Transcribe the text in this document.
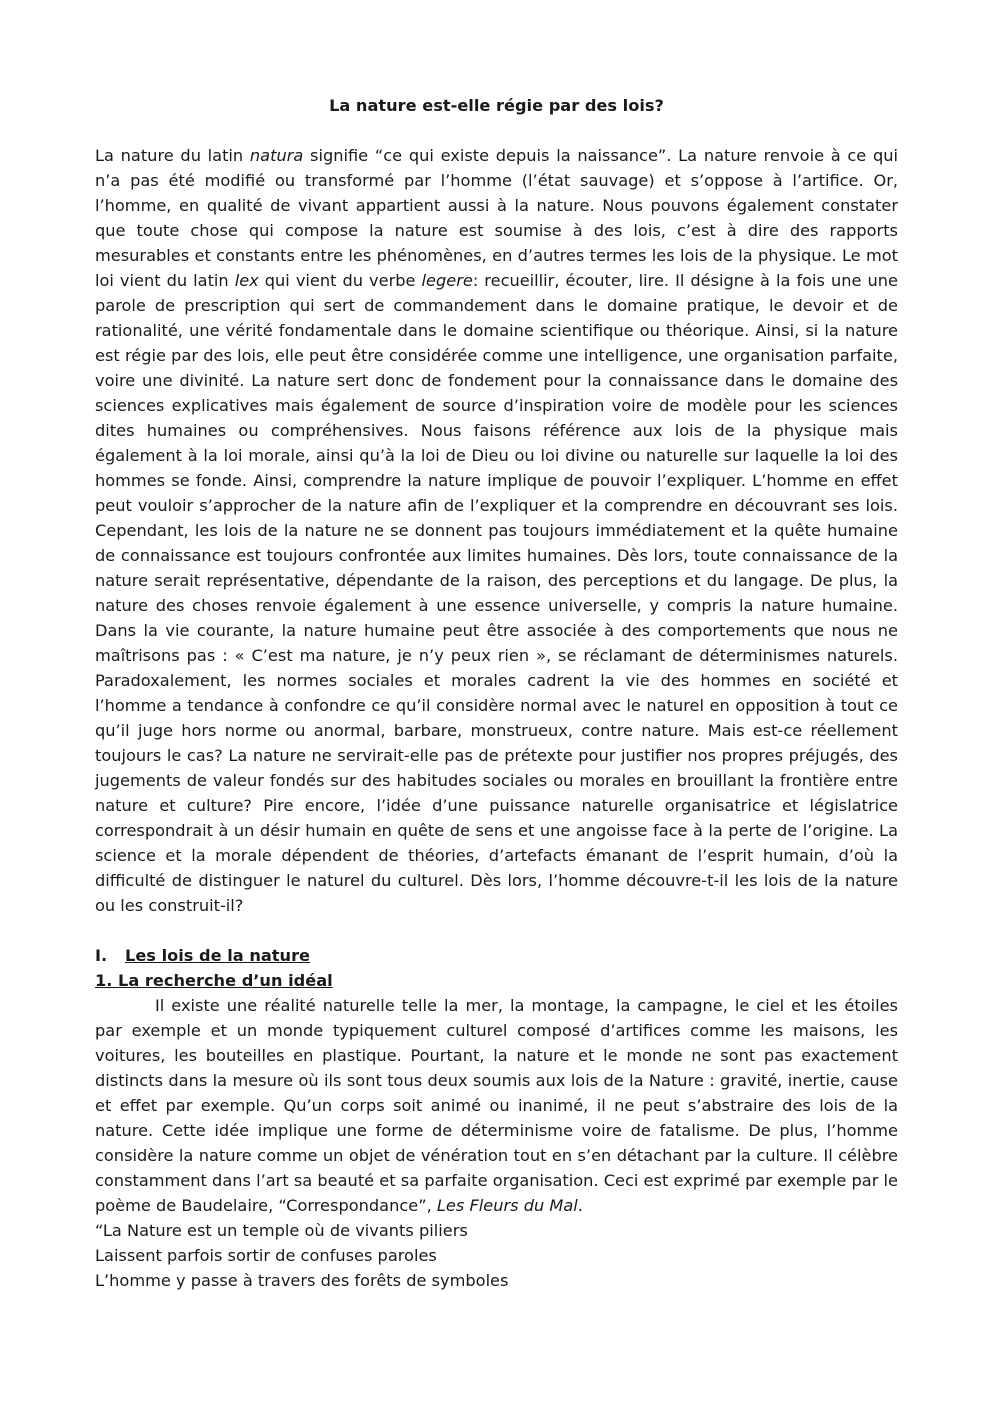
La nature est-elle régie par des lois?

La nature du latin natura signifie “ce qui existe depuis la naissance”. La nature renvoie à ce qui n’a pas été modifié ou transformé par l’homme (l’état sauvage) et s’oppose à l’artifice. Or, l’homme, en qualité de vivant appartient aussi à la nature. Nous pouvons également constater que toute chose qui compose la nature est soumise à des lois, c’est à dire des rapports mesurables et constants entre les phénomènes, en d’autres termes les lois de la physique. Le mot loi vient du latin lex qui vient du verbe legere: recueillir, écouter, lire. Il désigne à la fois une une parole de prescription qui sert de commandement dans le domaine pratique, le devoir et de rationalité, une vérité fondamentale dans le domaine scientifique ou théorique. Ainsi, si la nature est régie par des lois, elle peut être considérée comme une intelligence, une organisation parfaite, voire une divinité. La nature sert donc de fondement pour la connaissance dans le domaine des sciences explicatives mais également de source d’inspiration voire de modèle pour les sciences dites humaines ou compréhensives. Nous faisons référence aux lois de la physique mais également à la loi morale, ainsi qu’à la loi de Dieu ou loi divine ou naturelle sur laquelle la loi des hommes se fonde. Ainsi, comprendre la nature implique de pouvoir l’expliquer. L’homme en effet peut vouloir s’approcher de la nature afin de l’expliquer et la comprendre en découvrant ses lois. Cependant, les lois de la nature ne se donnent pas toujours immédiatement et la quête humaine de connaissance est toujours confrontée aux limites humaines. Dès lors, toute connaissance de la nature serait représentative, dépendante de la raison, des perceptions et du langage. De plus, la nature des choses renvoie également à une essence universelle, y compris la nature humaine. Dans la vie courante, la nature humaine peut être associée à des comportements que nous ne maîtrisons pas : « C’est ma nature, je n’y peux rien », se réclamant de déterminismes naturels. Paradoxalement, les normes sociales et morales cadrent la vie des hommes en société et l’homme a tendance à confondre ce qu’il considère normal avec le naturel en opposition à tout ce qu’il juge hors norme ou anormal, barbare, monstrueux, contre nature. Mais est-ce réellement toujours le cas? La nature ne servirait-elle pas de prétexte pour justifier nos propres préjugés, des jugements de valeur fondés sur des habitudes sociales ou morales en brouillant la frontière entre nature et culture? Pire encore, l’idée d’une puissance naturelle organisatrice et législatrice correspondrait à un désir humain en quête de sens et une angoisse face à la perte de l’origine. La science et la morale dépendent de théories, d’artefacts émanant de l’esprit humain, d’où la difficulté de distinguer le naturel du culturel. Dès lors, l’homme découvre-t-il les lois de la nature ou les construit-il?

I. Les lois de la nature

1. La recherche d’un idéal

Il existe une réalité naturelle telle la mer, la montage, la campagne, le ciel et les étoiles par exemple et un monde typiquement culturel composé d’artifices comme les maisons, les voitures, les bouteilles en plastique. Pourtant, la nature et le monde ne sont pas exactement distincts dans la mesure où ils sont tous deux soumis aux lois de la Nature : gravité, inertie, cause et effet par exemple. Qu’un corps soit animé ou inanimé, il ne peut s’abstraire des lois de la nature. Cette idée implique une forme de déterminisme voire de fatalisme. De plus, l’homme considère la nature comme un objet de vénération tout en s’en détachant par la culture. Il célèbre constamment dans l’art sa beauté et sa parfaite organisation. Ceci est exprimé par exemple par le poème de Baudelaire, “Correspondance”, Les Fleurs du Mal.

“La Nature est un temple où de vivants piliers

Laissent parfois sortir de confuses paroles

L’homme y passe à travers des forêts de symboles
